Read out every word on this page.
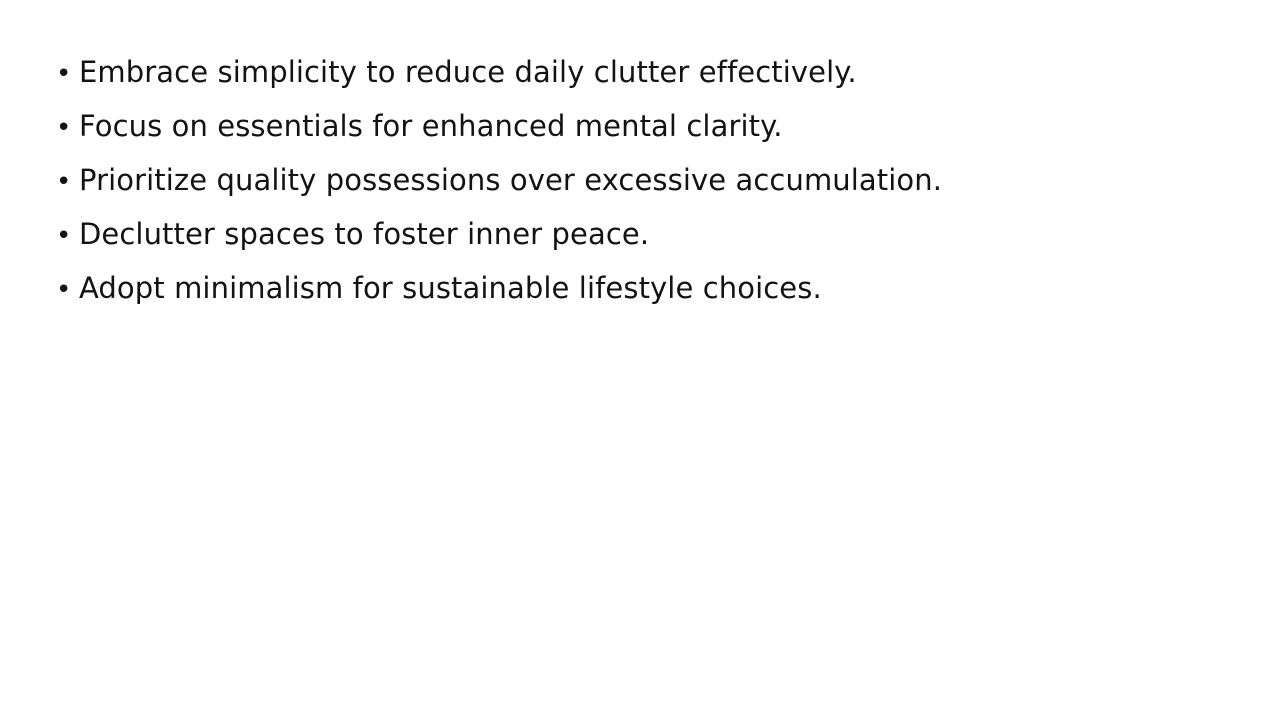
• Embrace simplicity to reduce daily clutter effectively.
• Focus on essentials for enhanced mental clarity.
• Prioritize quality possessions over excessive accumulation.
• Declutter spaces to foster inner peace.
• Adopt minimalism for sustainable lifestyle choices.
